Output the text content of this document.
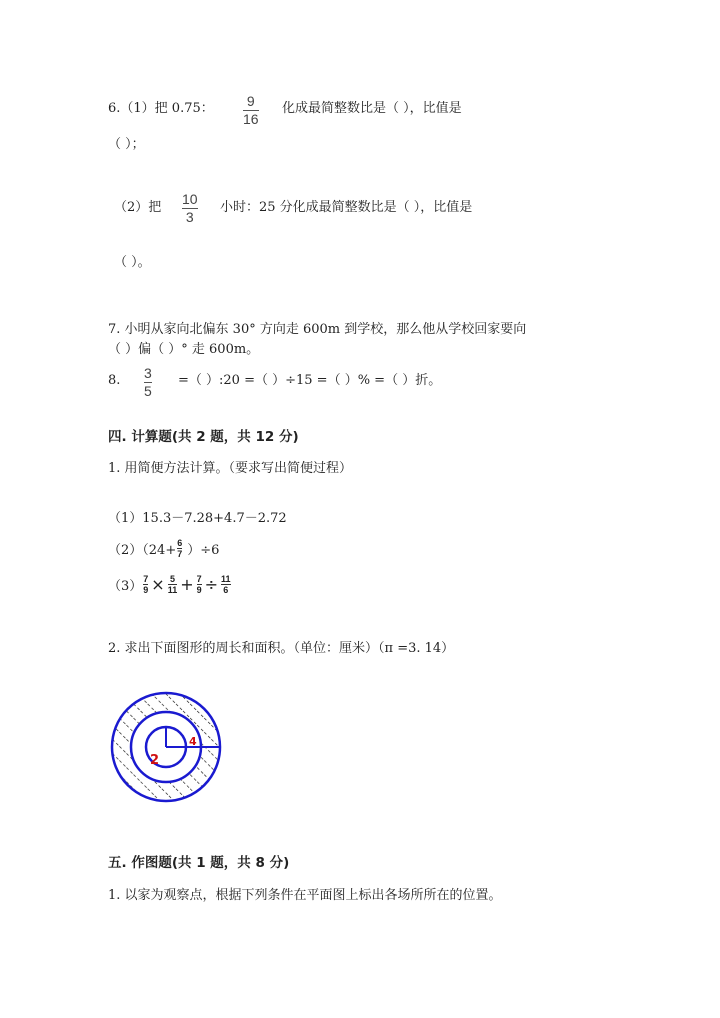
6.（1）把 0.75： 9
16
化成最简整数比是（ ），比值是
（ ）；
（2）把
10
3
小时：25 分化成最简整数比是（ ），比值是
（ ）。
7. 小明从家向北偏东 30° 方向走 600m 到学校，那么他从学校回家要向
（ ）偏（ ）° 走 600m。
8. 3
5
=（ ）:20 =（ ）÷15 =（ ）% =（ ）折。
四. 计算题(共 2 题，共 12 分)
1. 用简便方法计算。（要求写出简便过程）
（1）15.3－7.28+4.7－2.72
（2）（24+ 6
7 ）÷6
（3） 7
9 × 5
11 + 7
9 ÷ 11
6
2. 求出下面图形的周长和面积。（单位：厘米）（π =3. 14）
2
4
五. 作图题(共 1 题，共 8 分)
1. 以家为观察点，根据下列条件在平面图上标出各场所所在的位置。
